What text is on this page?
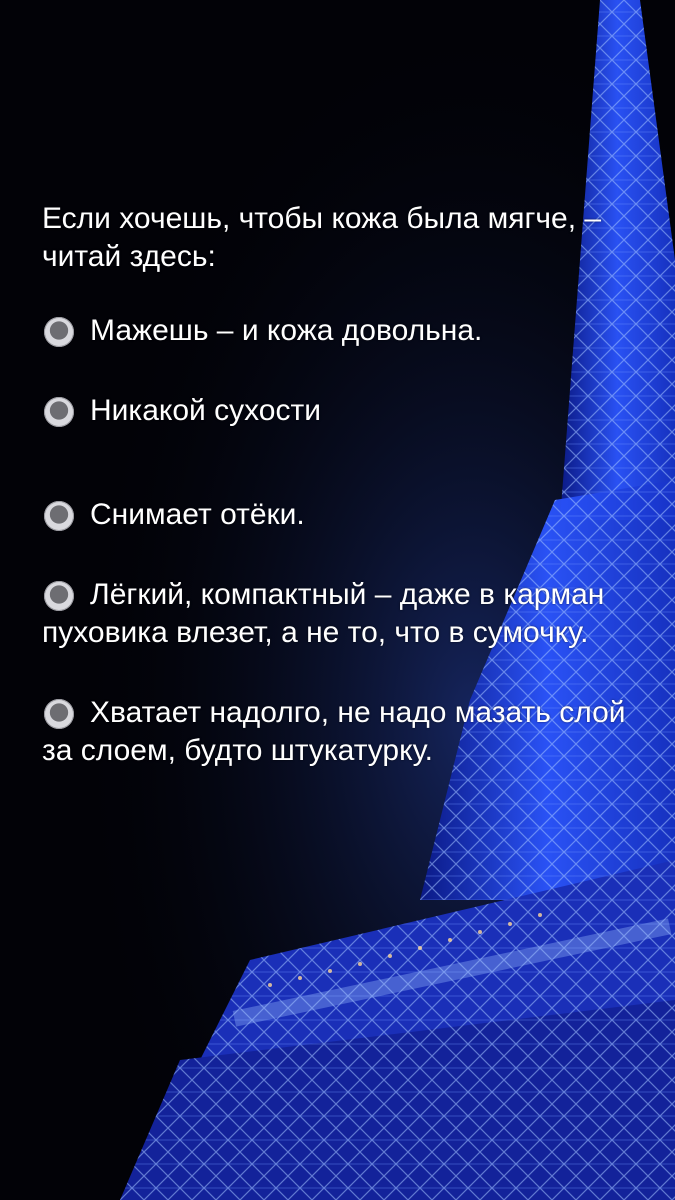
Если хочешь, чтобы кожа была мягче, – читай здесь:

Мажешь – и кожа довольна.

Никакой сухости

Снимает отёки.

Лёгкий, компактный – даже в карман пуховика влезет, а не то, что в сумочку.

Хватает надолго, не надо мазать слой за слоем, будто штукатурку.
